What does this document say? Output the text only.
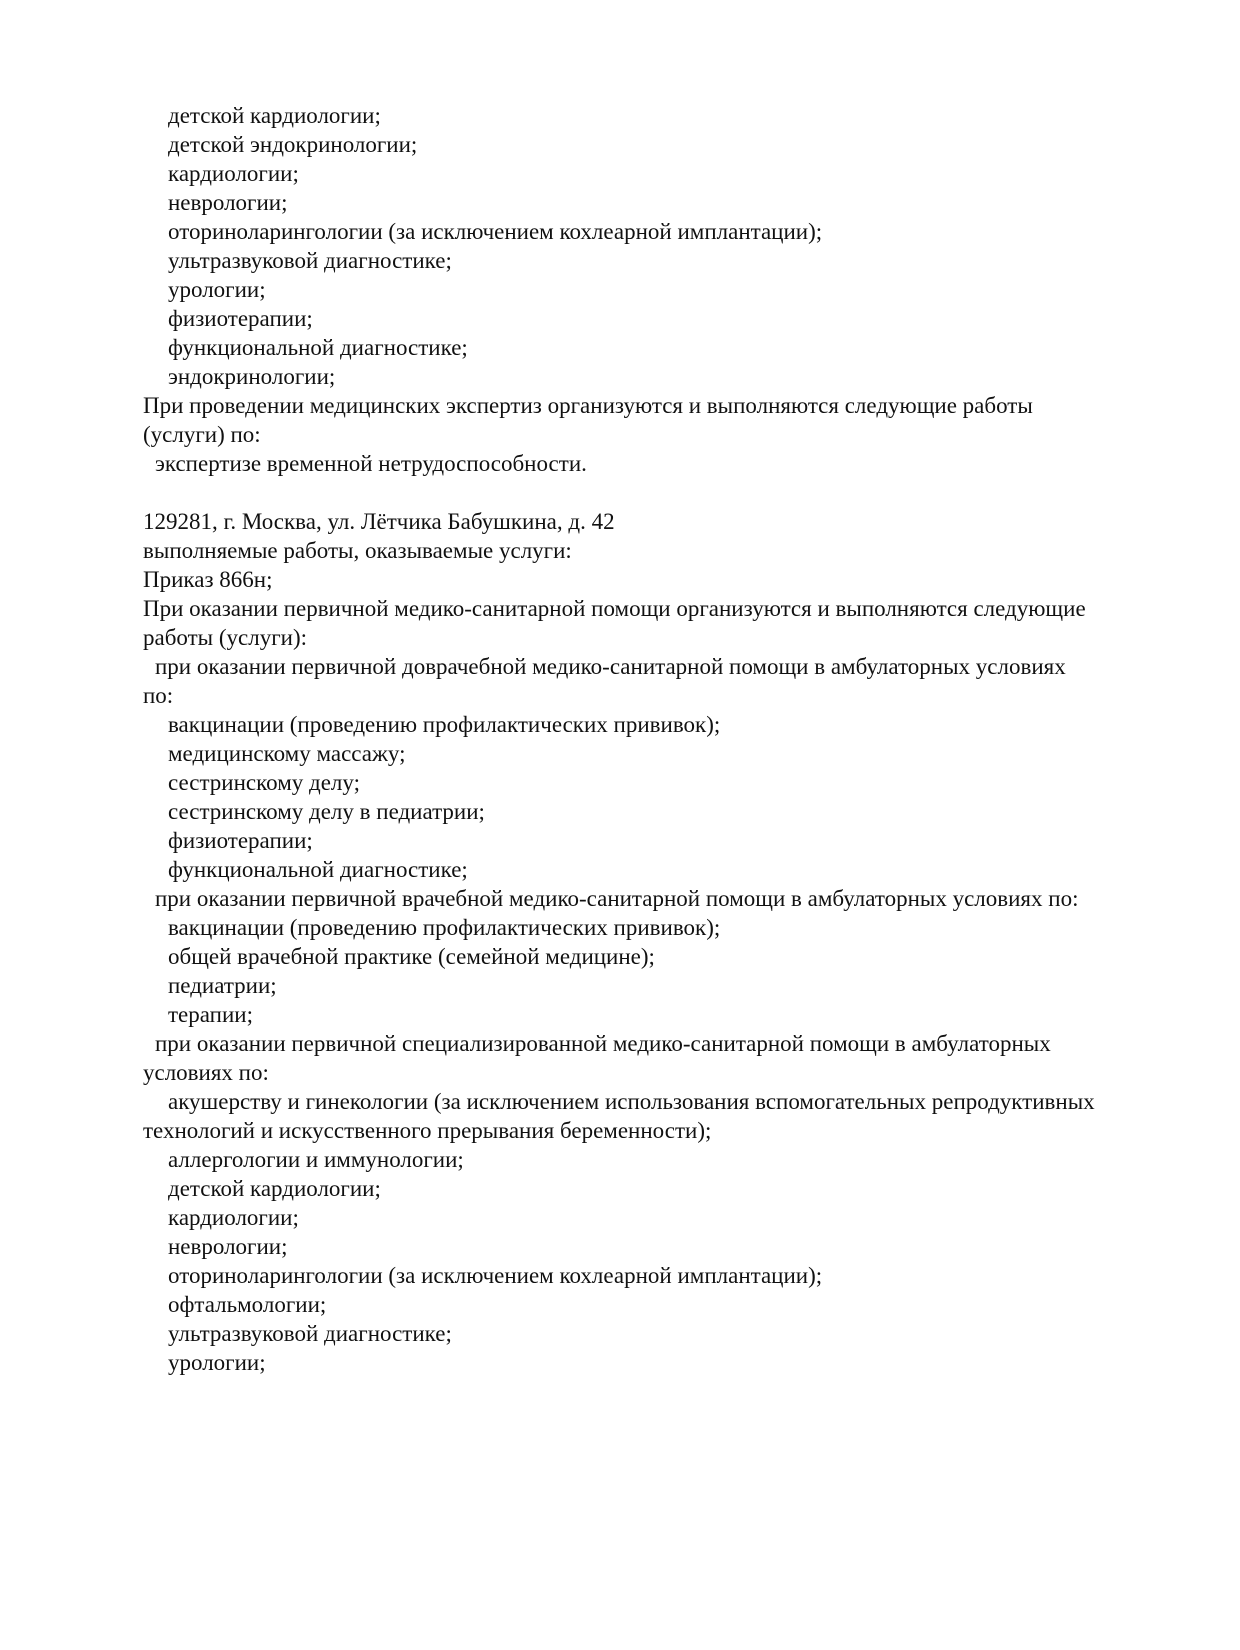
детской кардиологии;
детской эндокринологии;
кардиологии;
неврологии;
оториноларингологии (за исключением кохлеарной имплантации);
ультразвуковой диагностике;
урологии;
физиотерапии;
функциональной диагностике;
эндокринологии;
При проведении медицинских экспертиз организуются и выполняются следующие работы
(услуги) по:
экспертизе временной нетрудоспособности.
129281, г. Москва, ул. Лётчика Бабушкина, д. 42
выполняемые работы, оказываемые услуги:
Приказ 866н;
При оказании первичной медико-санитарной помощи организуются и выполняются следующие
работы (услуги):
при оказании первичной доврачебной медико-санитарной помощи в амбулаторных условиях
по:
вакцинации (проведению профилактических прививок);
медицинскому массажу;
сестринскому делу;
сестринскому делу в педиатрии;
физиотерапии;
функциональной диагностике;
при оказании первичной врачебной медико-санитарной помощи в амбулаторных условиях по:
вакцинации (проведению профилактических прививок);
общей врачебной практике (семейной медицине);
педиатрии;
терапии;
при оказании первичной специализированной медико-санитарной помощи в амбулаторных
условиях по:
акушерству и гинекологии (за исключением использования вспомогательных репродуктивных
технологий и искусственного прерывания беременности);
аллергологии и иммунологии;
детской кардиологии;
кардиологии;
неврологии;
оториноларингологии (за исключением кохлеарной имплантации);
офтальмологии;
ультразвуковой диагностике;
урологии;
